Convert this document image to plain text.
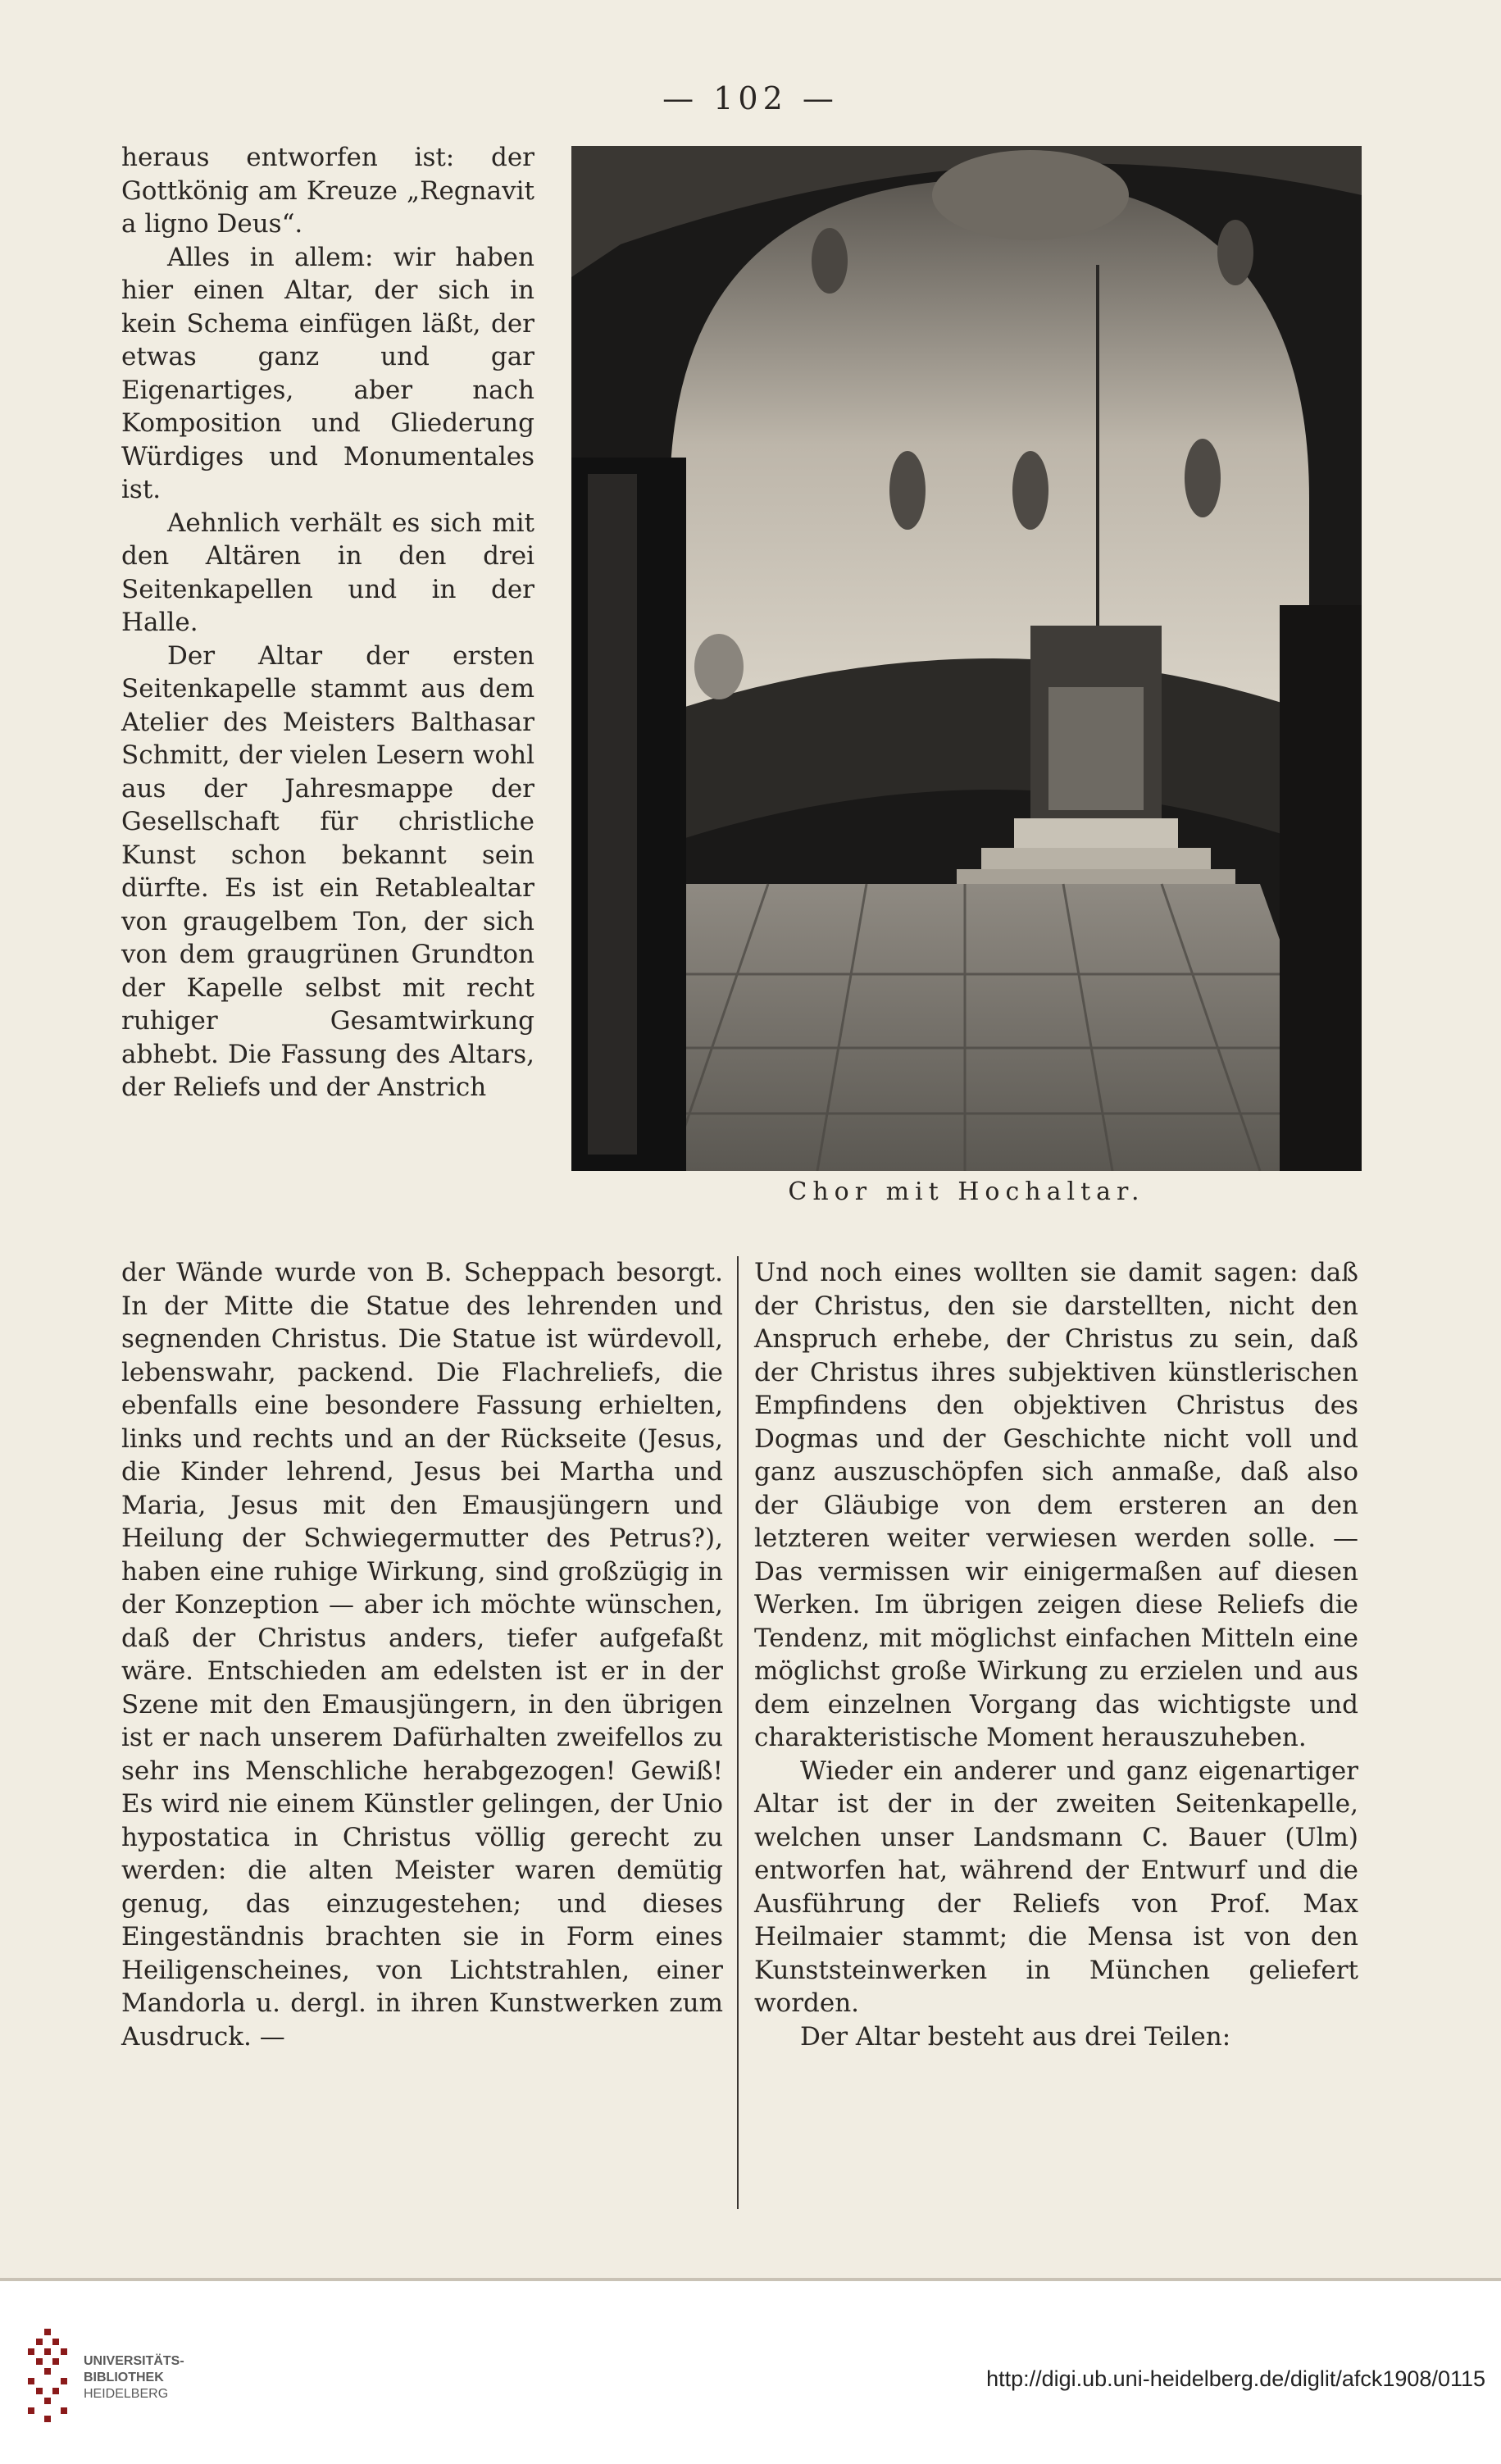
— 102 —

heraus entworfen ist: der Gottkönig am Kreuze „Regnavit a ligno Deus“.

Alles in allem: wir haben hier einen Altar, der sich in kein Schema einfügen läßt, der etwas ganz und gar Eigenartiges, aber nach Komposition und Gliederung Würdiges und Monumentales ist.

Aehnlich verhält es sich mit den Altären in den drei Seitenkapellen und in der Halle.

Der Altar der ersten Seitenkapelle stammt aus dem Atelier des Meisters Balthasar Schmitt, der vielen Lesern wohl aus der Jahresmappe der Gesellschaft für christliche Kunst schon bekannt sein dürfte. Es ist ein Retablealtar von graugelbem Ton, der sich von dem graugrünen Grundton der Kapelle selbst mit recht ruhiger Gesamtwirkung abhebt. Die Fassung des Altars, der Reliefs und der Anstrich

Chor mit Hochaltar.

der Wände wurde von B. Scheppach besorgt. In der Mitte die Statue des lehrenden und segnenden Christus. Die Statue ist würdevoll, lebenswahr, packend. Die Flachreliefs, die ebenfalls eine besondere Fassung erhielten, links und rechts und an der Rückseite (Jesus, die Kinder lehrend, Jesus bei Martha und Maria, Jesus mit den Emausjüngern und Heilung der Schwiegermutter des Petrus?), haben eine ruhige Wirkung, sind großzügig in der Konzeption — aber ich möchte wünschen, daß der Christus anders, tiefer aufgefaßt wäre. Entschieden am edelsten ist er in der Szene mit den Emausjüngern, in den übrigen ist er nach unserem Dafürhalten zweifellos zu sehr ins Menschliche herabgezogen! Gewiß! Es wird nie einem Künstler gelingen, der Unio hypostatica in Christus völlig gerecht zu werden: die alten Meister waren demütig genug, das einzugestehen; und dieses Eingeständnis brachten sie in Form eines Heiligenscheines, von Lichtstrahlen, einer Mandorla u. dergl. in ihren Kunstwerken zum Ausdruck. —

Und noch eines wollten sie damit sagen: daß der Christus, den sie darstellten, nicht den Anspruch erhebe, der Christus zu sein, daß der Christus ihres subjektiven künstlerischen Empfindens den objektiven Christus des Dogmas und der Geschichte nicht voll und ganz auszuschöpfen sich anmaße, daß also der Gläubige von dem ersteren an den letzteren weiter verwiesen werden solle. — Das vermissen wir einigermaßen auf diesen Werken. Im übrigen zeigen diese Reliefs die Tendenz, mit möglichst einfachen Mitteln eine möglichst große Wirkung zu erzielen und aus dem einzelnen Vorgang das wichtigste und charakteristische Moment herauszuheben.

Wieder ein anderer und ganz eigenartiger Altar ist der in der zweiten Seitenkapelle, welchen unser Landsmann C. Bauer (Ulm) entworfen hat, während der Entwurf und die Ausführung der Reliefs von Prof. Max Heilmaier stammt; die Mensa ist von den Kunststeinwerken in München geliefert worden.

Der Altar besteht aus drei Teilen:

UNIVERSITÄTS-
BIBLIOTHEK
HEIDELBERG
http://digi.ub.uni-heidelberg.de/diglit/afck1908/0115
